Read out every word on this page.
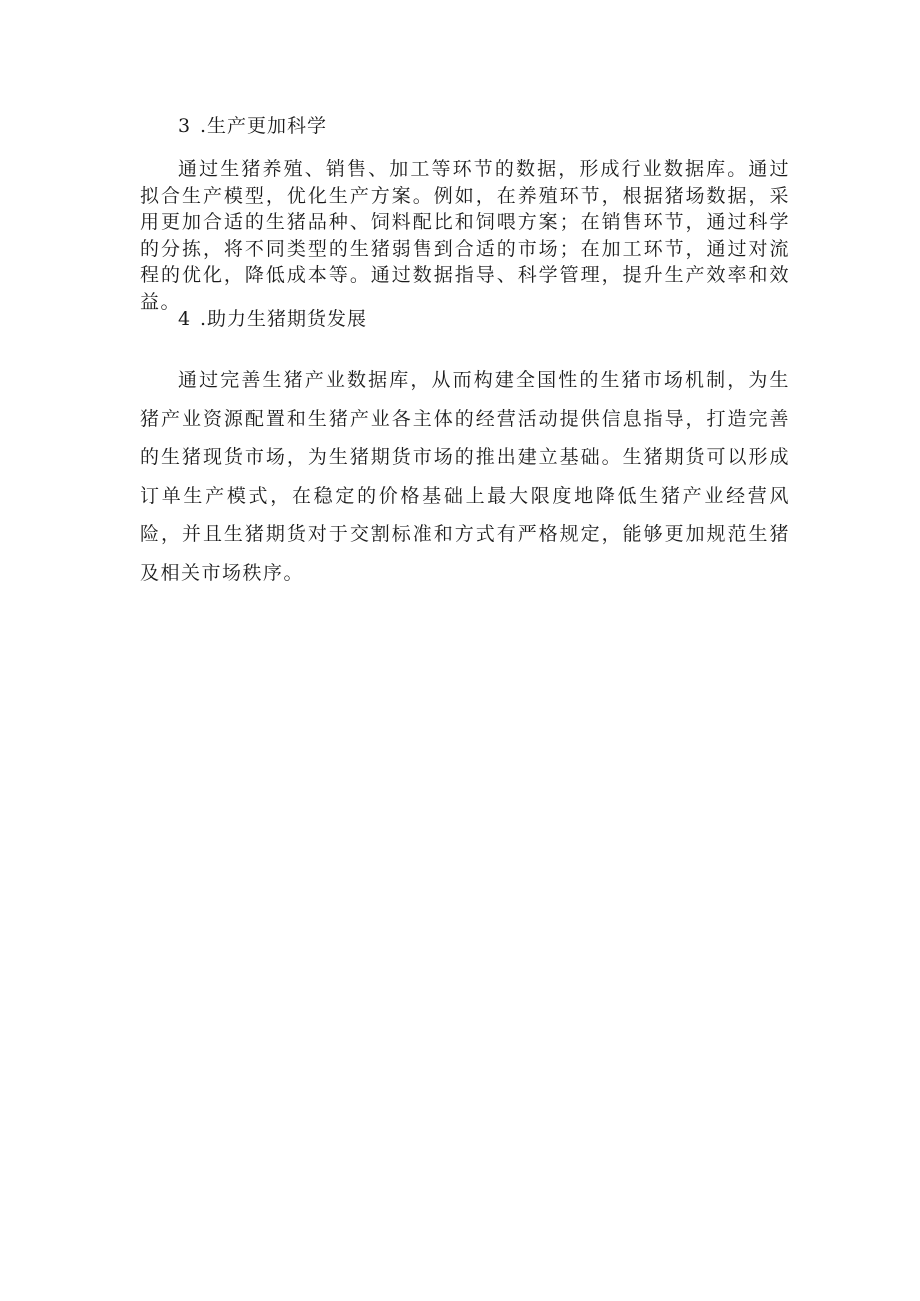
3 .生产更加科学

通过生猪养殖、销售、加工等环节的数据，形成行业数据库。通过拟合生产模型，优化生产方案。例如，在养殖环节，根据猪场数据，采用更加合适的生猪品种、饲料配比和饲喂方案；在销售环节，通过科学的分拣，将不同类型的生猪弱售到合适的市场；在加工环节，通过对流程的优化，降低成本等。通过数据指导、科学管理，提升生产效率和效益。

4 .助力生猪期货发展

通过完善生猪产业数据库，从而构建全国性的生猪市场机制，为生猪产业资源配置和生猪产业各主体的经营活动提供信息指导，打造完善的生猪现货市场，为生猪期货市场的推出建立基础。生猪期货可以形成订单生产模式，在稳定的价格基础上最大限度地降低生猪产业经营风险，并且生猪期货对于交割标准和方式有严格规定，能够更加规范生猪及相关市场秩序。
